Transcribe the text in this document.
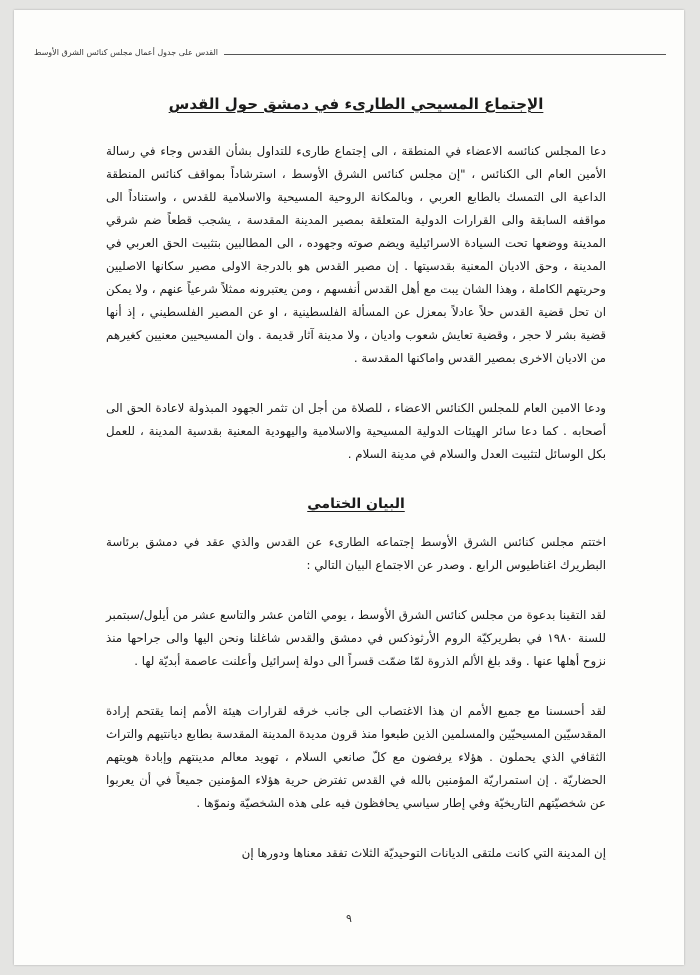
القدس على جدول أعمال مجلس كنائس الشرق الأوسط
الإجتماع المسيحي الطارىء في دمشق حول القدس

دعا المجلس كنائسه الاعضاء في المنطقة ، الى إجتماع طارىء للتداول بشأن القدس وجاء في رسالة الأمين العام الى الكنائس ، "إن مجلس كنائس الشرق الأوسط ، استرشاداً بمواقف كنائس المنطقة الداعية الى التمسك بالطابع العربي ، وبالمكانة الروحية المسيحية والاسلامية للقدس ، واستناداً الى مواقفه السابقة والى القرارات الدولية المتعلقة بمصير المدينة المقدسة ، يشجب قطعاً ضم شرقي المدينة ووضعها تحت السيادة الاسرائيلية ويضم صوته وجهوده ، الى المطالبين بتثبيت الحق العربي في المدينة ، وحق الاديان المعنية بقدسيتها . إن مصير القدس هو بالدرجة الاولى مصير سكانها الاصليين وحريتهم الكاملة ، وهذا الشان يبت مع أهل القدس أنفسهم ، ومن يعتبرونه ممثلاً شرعياً عنهم ، ولا يمكن ان تحل قضية القدس حلاً عادلاً بمعزل عن المسألة الفلسطينية ، او عن المصير الفلسطيني ، إذ أنها قضية بشر لا حجر ، وقضية تعايش شعوب واديان ، ولا مدينة آثار قديمة . وان المسيحيين معنيين كغيرهم من الاديان الاخرى بمصير القدس واماكنها المقدسة .

ودعا الامين العام للمجلس الكنائس الاعضاء ، للصلاة من أجل ان تثمر الجهود المبذولة لاعادة الحق الى أصحابه . كما دعا سائر الهيئات الدولية المسيحية والاسلامية واليهودية المعنية بقدسية المدينة ، للعمل بكل الوسائل لتثبيت العدل والسلام في مدينة السلام .

البيان الختامي

اختتم مجلس كنائس الشرق الأوسط إجتماعه الطارىء عن القدس والذي عقد في دمشق برئاسة البطريرك اغناطيوس الرابع . وصدر عن الاجتماع البيان التالي :

لقد التقينا بدعوة من مجلس كنائس الشرق الأوسط ، يومي الثامن عشر والتاسع عشر من أيلول/سبتمبر للسنة ١٩٨٠ في بطريركيّة الروم الأرثوذكس في دمشق والقدس شاغلنا ونحن اليها والى جراحها منذ نزوح أهلها عنها . وقد بلغ الألم الذروة لمّا ضمّت قسراً الى دولة إسرائيل وأعلنت عاصمة أبديّة لها .

لقد أحسسنا مع جميع الأمم ان هذا الاغتصاب الى جانب خرقه لقرارات هيئة الأمم إنما يقتحم إرادة المقدسيّين المسيحيّين والمسلمين الذين طبعوا منذ قرون مديدة المدينة المقدسة بطابع ديانتيهم والتراث الثقافي الذي يحملون . هؤلاء يرفضون مع كلّ صانعي السلام ، تهويد معالم مدينتهم وإبادة هويتهم الحضاريّة . إن استمراريّة المؤمنين بالله في القدس تفترض حرية هؤلاء المؤمنين جميعاً في أن يعربوا عن شخصيّتهم التاريخيّة وفي إطار سياسي يحافظون فيه على هذه الشخصيّة ونموّها .

إن المدينة التي كانت ملتقى الديانات التوحيديّة الثلاث تفقد معناها ودورها إن

٩
